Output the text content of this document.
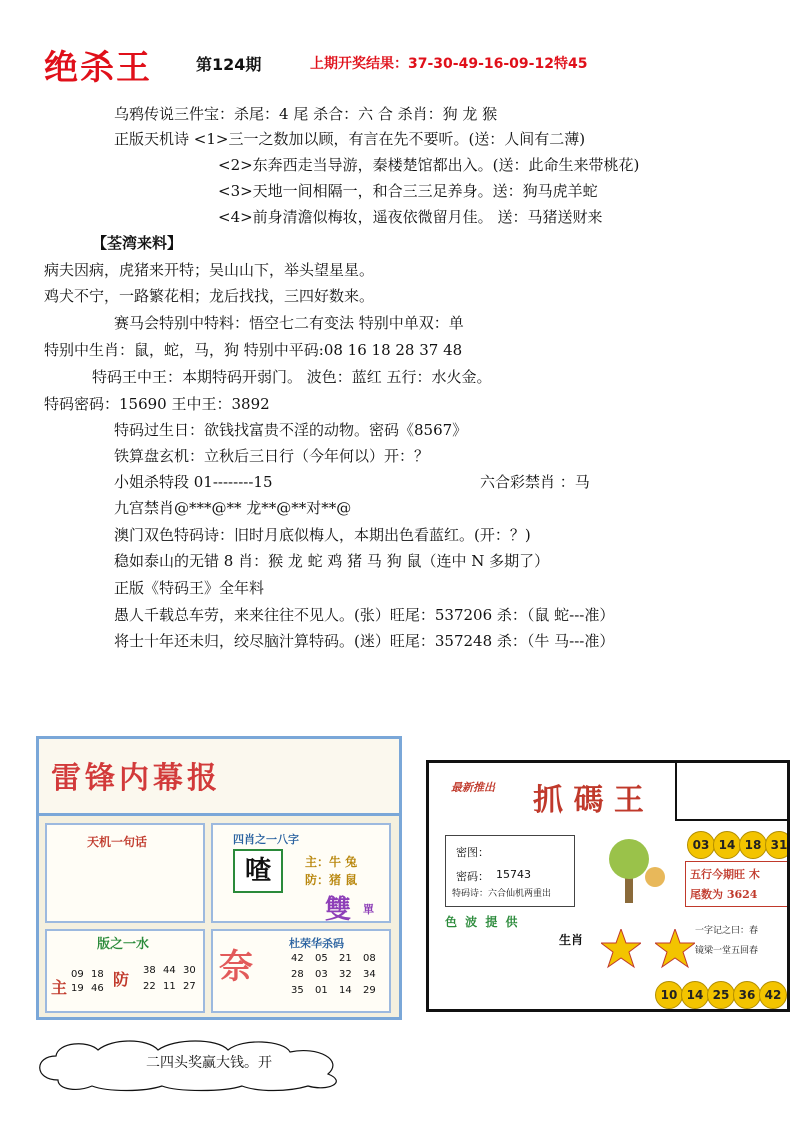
绝杀王	第124期	上期开奖结果：37-30-49-16-09-12特45
乌鸦传说三件宝：杀尾：4 尾 杀合：六 合 杀肖：狗 龙 猴
正版天机诗 <1>三一之数加以顾，有言在先不要听。(送：人间有二薄)
<2>东奔西走当导游，秦楼楚馆都出入。(送：此命生来带桃花)
<3>天地一间相隔一，和合三三足养身。送：狗马虎羊蛇
<4>前身清澹似梅妆，遥夜依微留月佳。 送：马猪送财来
【荃湾来料】
病夫因病，虎猪来开特；吴山山下，举头望星星。
鸡犬不宁，一路繁花相；龙后找找，三四好数来。
赛马会特别中特料：悟空七二有变法 特别中单双：单
特别中生肖：鼠，蛇，马，狗 特别中平码:08 16 18 28 37 48
特码王中王：本期特码开弱门。 波色：蓝红 五行：水火金。
特码密码：15690 王中王：3892
特码过生日：欲钱找富贵不淫的动物。密码《8567》
铁算盘玄机：立秋后三日行（今年何以）开：？
小姐杀特段 01--------15	六合彩禁肖 ：马
九宫禁肖@***@** 龙**@**对**@
澳门双色特码诗：旧时月底似梅人，本期出色看蓝红。(开：？)
稳如泰山的无错 8 肖：猴 龙 蛇 鸡 猪 马 狗 鼠（连中 N 多期了）
正版《特码王》全年料
愚人千载总车劳，来来往往不见人。(张）旺尾：537206 杀：（鼠 蛇---准）
将士十年还未归，绞尽脑汁算特码。(迷）旺尾：357248 杀：（牛 马---准）
雷锋内幕报
天机一句话	四肖之一八字
喳	主：牛 兔
防：猪 鼠
雙 單
版之一水
主	防
09 18
19 46
38 44 30
22 11 27 奈
杜荣华杀码
42 05 21 08
28 03 32 34
35 01 14 29
最新推出 抓 碼 王
密图：
密码： 15743
特码诗：六合仙机两重出
03 14 18 31
五行今期旺 木
尾数为 3624
色 波 提 供
生肖
一字记之曰：春
镜梁一堂五回春
10 14 25 36 42
二四头奖赢大钱。开
